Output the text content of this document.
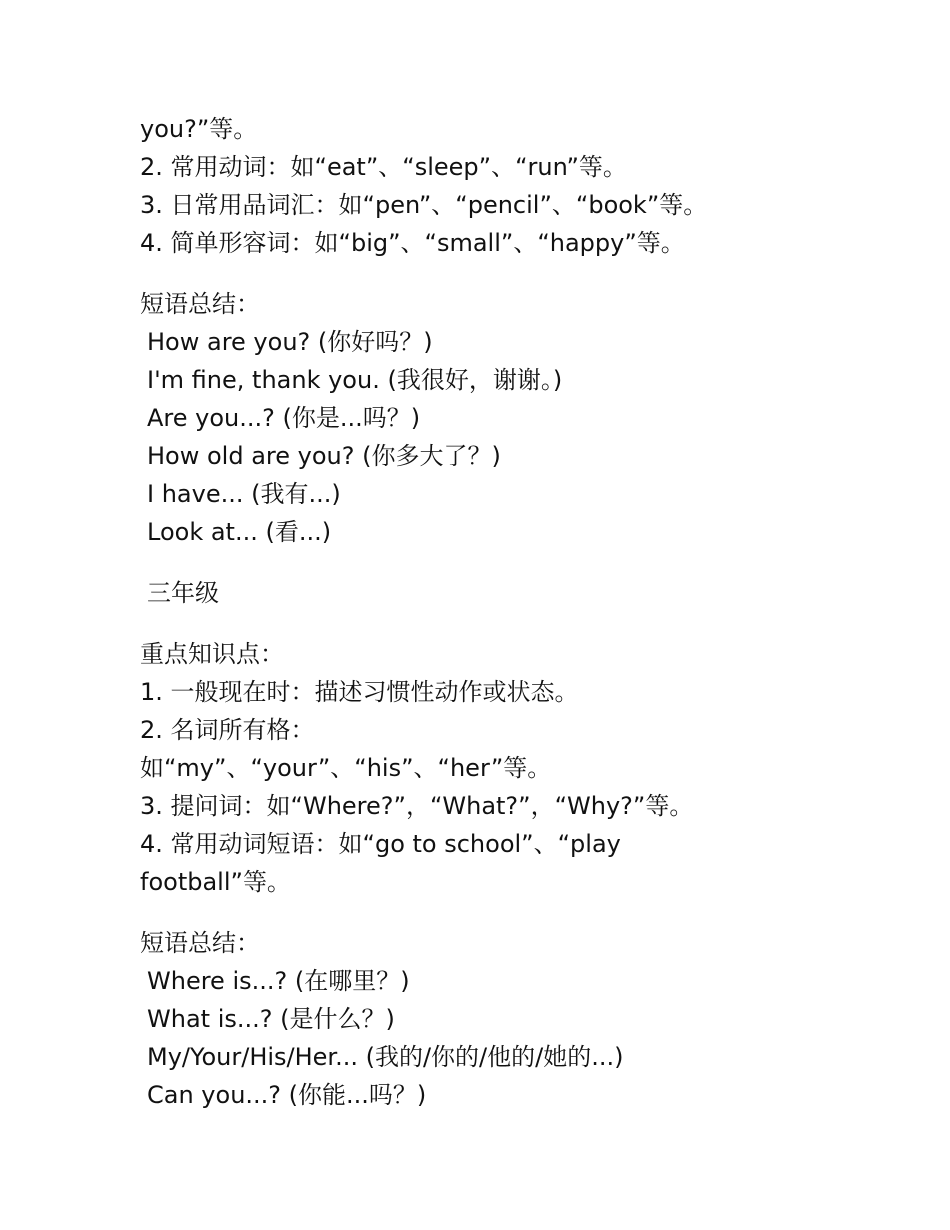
you?”等。
2. 常用动词：如“eat”、“sleep”、“run”等。
3. 日常用品词汇：如“pen”、“pencil”、“book”等。
4. 简单形容词：如“big”、“small”、“happy”等。
短语总结：
How are you? (你好吗？)
I'm fine, thank you. (我很好，谢谢。)
Are you...? (你是...吗？)
How old are you? (你多大了？)
I have... (我有...)
Look at... (看...)
三年级
重点知识点：
1. 一般现在时：描述习惯性动作或状态。
2. 名词所有格：
如“my”、“your”、“his”、“her”等。
3. 提问词：如“Where?”，“What?”，“Why?”等。
4. 常用动词短语：如“go to school”、“play
football”等。
短语总结：
Where is...? (在哪里？)
What is...? (是什么？)
My/Your/His/Her... (我的/你的/他的/她的...)
Can you...? (你能...吗？)
